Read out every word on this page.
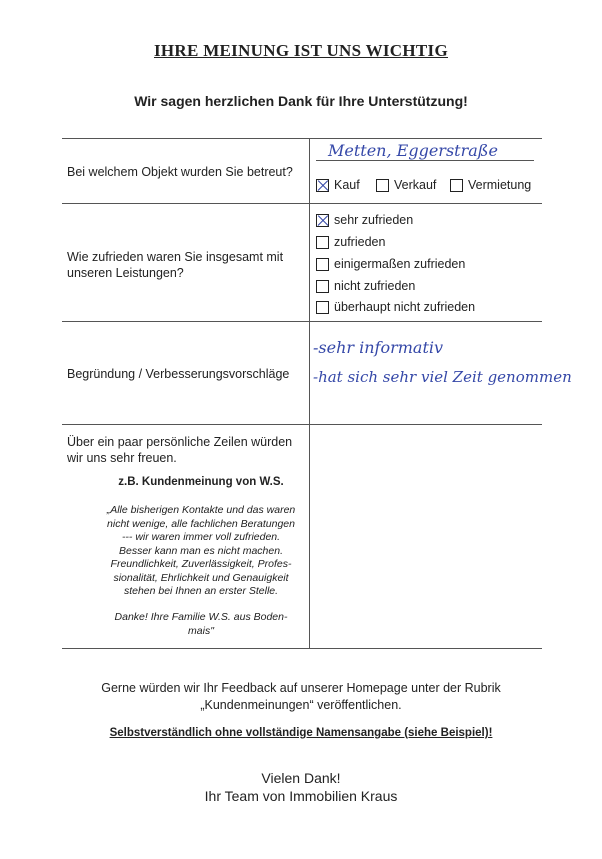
IHRE MEINUNG IST UNS WICHTIG
Wir sagen herzlichen Dank für Ihre Unterstützung!
Bei welchem Objekt wurden Sie betreut?
Metten, Eggerstraße
Kauf	Verkauf	Vermietung
Wie zufrieden waren Sie insgesamt mit
unseren Leistungen?
sehr zufrieden
zufrieden
einigermaßen zufrieden
nicht zufrieden
überhaupt nicht zufrieden
Begründung / Verbesserungsvorschläge
-sehr informativ
-hat sich sehr viel Zeit genommen
Über ein paar persönliche Zeilen würden
wir uns sehr freuen.
z.B. Kundenmeinung von W.S.
„Alle bisherigen Kontakte und das waren
nicht wenige, alle fachlichen Beratungen
--- wir waren immer voll zufrieden.
Besser kann man es nicht machen.
Freundlichkeit, Zuverlässigkeit, Profes-
sionalität, Ehrlichkeit und Genauigkeit
stehen bei Ihnen an erster Stelle.
Danke! Ihre Familie W.S. aus Boden-
mais"
Gerne würden wir Ihr Feedback auf unserer Homepage unter der Rubrik
„Kundenmeinungen“ veröffentlichen.
Selbstverständlich ohne vollständige Namensangabe (siehe Beispiel)!
Vielen Dank!
Ihr Team von Immobilien Kraus
